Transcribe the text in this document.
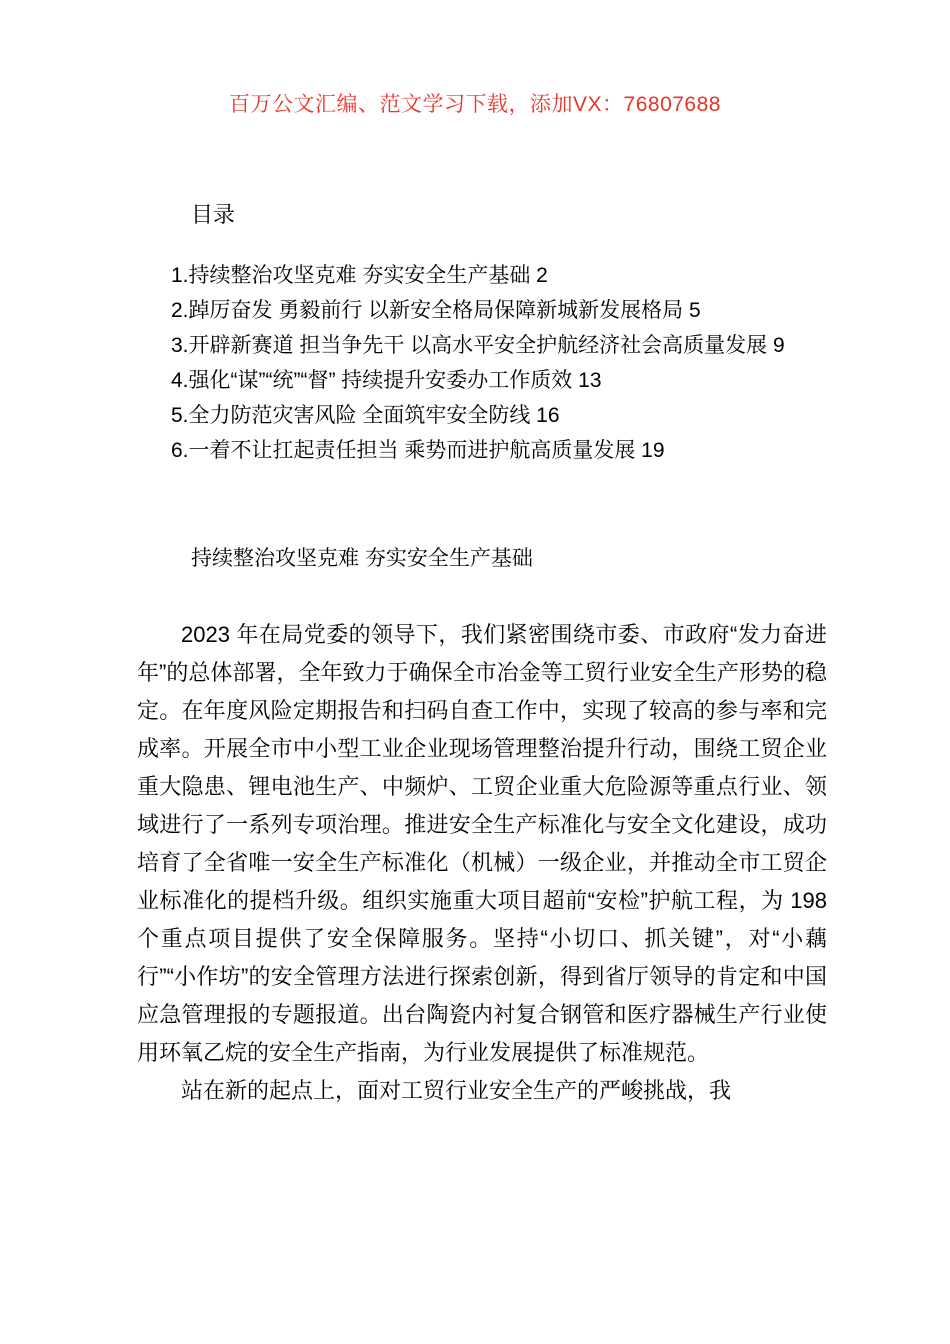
百万公文汇编、范文学习下载，添加VX：76807688
目录

1.持续整治攻坚克难 夯实安全生产基础 2

2.踔厉奋发 勇毅前行 以新安全格局保障新城新发展格局 5

3.开辟新赛道 担当争先干 以高水平安全护航经济社会高质量发展 9

4.强化“谋”“统”“督” 持续提升安委办工作质效 13

5.全力防范灾害风险 全面筑牢安全防线 16

6.一着不让扛起责任担当 乘势而进护航高质量发展 19

持续整治攻坚克难 夯实安全生产基础

2023 年在局党委的领导下，我们紧密围绕市委、市政府“发力奋进年”的总体部署，全年致力于确保全市冶金等工贸行业安全生产形势的稳定。在年度风险定期报告和扫码自查工作中，实现了较高的参与率和完成率。开展全市中小型工业企业现场管理整治提升行动，围绕工贸企业重大隐患、锂电池生产、中频炉、工贸企业重大危险源等重点行业、领域进行了一系列专项治理。推进安全生产标准化与安全文化建设，成功培育了全省唯一安全生产标准化（机械）一级企业，并推动全市工贸企业标准化的提档升级。组织实施重大项目超前“安检”护航工程，为 198 个重点项目提供了安全保障服务。坚持“小切口、抓关键”，对“小藕行”“小作坊”的安全管理方法进行探索创新，得到省厅领导的肯定和中国应急管理报的专题报道。出台陶瓷内衬复合钢管和医疗器械生产行业使用环氧乙烷的安全生产指南，为行业发展提供了标准规范。

站在新的起点上，面对工贸行业安全生产的严峻挑战，我
